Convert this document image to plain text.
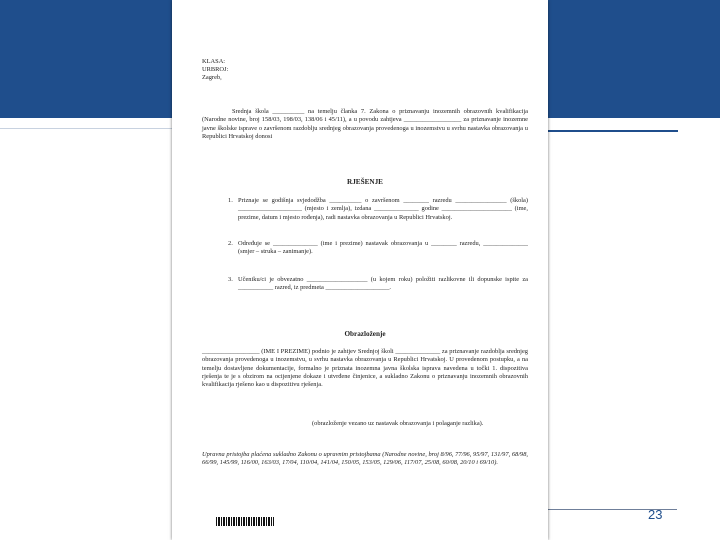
23
KLASA:
URBROJ:
Zagreb,
Srednja škola __________ na temelju članka 7. Zakona o priznavanju inozemnih obrazovnih kvalifikacija (Narodne novine, broj 158/03, 198/03, 138/06 i 45/11), a u povodu zahtjeva __________________ za priznavanje inozemne javne školske isprave o završenom razdoblju srednjeg obrazovanja provedenoga u inozemstvu u svrhu nastavka obrazovanja u Republici Hrvatskoj donosi
RJEŠENJE
1. Priznaje se godišnja svjedodžba __________ o završenom ________ razredu ________________ (škola) ____________________ (mjesto i zemlja), izdana ______________ godine ______________________ (ime, prezime, datum i mjesto rođenja), radi nastavka obrazovanja u Republici Hrvatskoj.
2. Određuje se ______________ (ime i prezime) nastavak obrazovanja u ________ razredu, ______________ (smjer – struka – zanimanje).
3. Učeniku/ci je obvezatno ___________________ (u kojem roku) položiti razlikovne ili dopunske ispite za ___________ razred, iz predmeta ____________________.
Obrazloženje
__________________ (IME I PREZIME) podnio je zahtjev Srednjoj školi ______________ za priznavanje razdoblja srednjeg obrazovanja provedenoga u inozemstvu, u svrhu nastavka obrazovanja u Republici Hrvatskoj. U provedenom postupku, a na temelju dostavljene dokumentacije, formalno je priznata inozemna javna školska isprava navedena u točki 1. dispozitiva rješenja te je s obzirom na ocijenjene dokaze i utvrđene činjenice, a sukladno Zakonu o priznavanju inozemnih obrazovnih kvalifikacija rješeno kao u dispozitivu rješenja.
(obrazloženje vezano uz nastavak obrazovanja i polaganje razlika).
Upravna pristojba plaćena sukladno Zakonu o upravnim pristojbama (Narodne novine, broj 8/96, 77/96, 95/97, 131/97, 68/98, 66/99, 145/99, 116/00, 163/03, 17/04, 110/04, 141/04, 150/05, 153/05, 129/06, 117/07, 25/08, 60/08, 20/10 i 69/10).
